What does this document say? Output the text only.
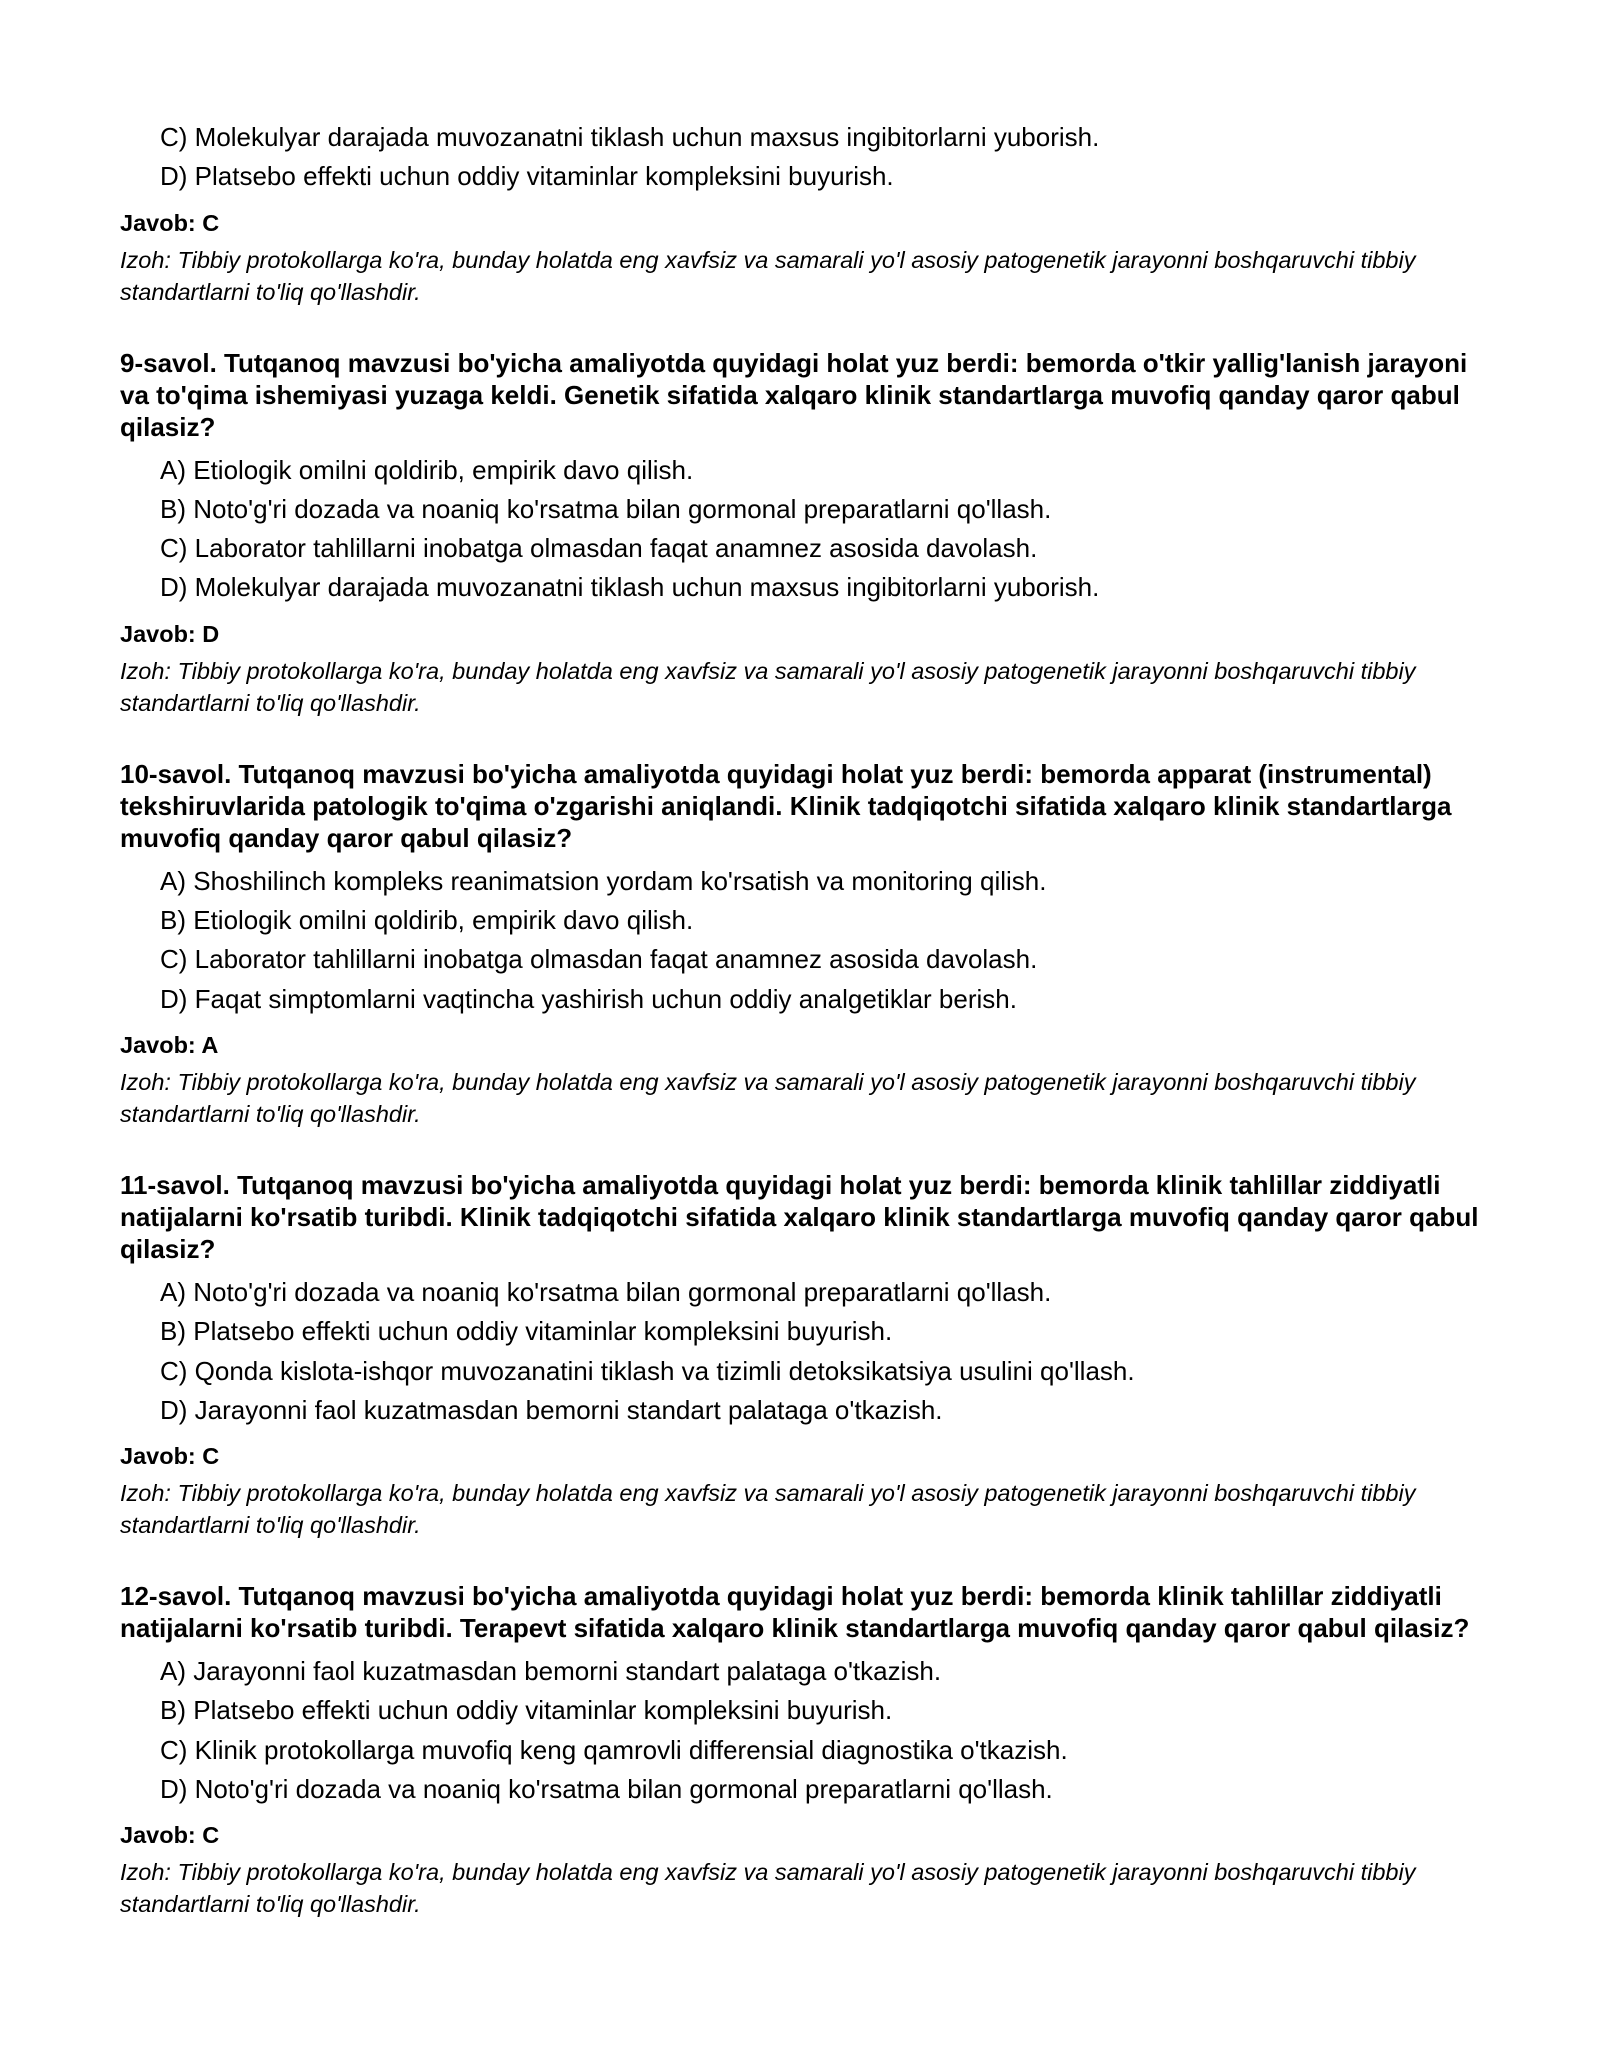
C) Molekulyar darajada muvozanatni tiklash uchun maxsus ingibitorlarni yuborish.
D) Platsebo effekti uchun oddiy vitaminlar kompleksini buyurish.
Javob: C
Izoh: Tibbiy protokollarga ko'ra, bunday holatda eng xavfsiz va samarali yo'l asosiy patogenetik jarayonni boshqaruvchi tibbiy standartlarni to'liq qo'llashdir.
9-savol. Tutqanoq mavzusi bo'yicha amaliyotda quyidagi holat yuz berdi: bemorda o'tkir yallig'lanish jarayoni va to'qima ishemiyasi yuzaga keldi. Genetik sifatida xalqaro klinik standartlarga muvofiq qanday qaror qabul qilasiz?
A) Etiologik omilni qoldirib, empirik davo qilish.
B) Noto'g'ri dozada va noaniq ko'rsatma bilan gormonal preparatlarni qo'llash.
C) Laborator tahlillarni inobatga olmasdan faqat anamnez asosida davolash.
D) Molekulyar darajada muvozanatni tiklash uchun maxsus ingibitorlarni yuborish.
Javob: D
Izoh: Tibbiy protokollarga ko'ra, bunday holatda eng xavfsiz va samarali yo'l asosiy patogenetik jarayonni boshqaruvchi tibbiy standartlarni to'liq qo'llashdir.
10-savol. Tutqanoq mavzusi bo'yicha amaliyotda quyidagi holat yuz berdi: bemorda apparat (instrumental) tekshiruvlarida patologik to'qima o'zgarishi aniqlandi. Klinik tadqiqotchi sifatida xalqaro klinik standartlarga muvofiq qanday qaror qabul qilasiz?
A) Shoshilinch kompleks reanimatsion yordam ko'rsatish va monitoring qilish.
B) Etiologik omilni qoldirib, empirik davo qilish.
C) Laborator tahlillarni inobatga olmasdan faqat anamnez asosida davolash.
D) Faqat simptomlarni vaqtincha yashirish uchun oddiy analgetiklar berish.
Javob: A
Izoh: Tibbiy protokollarga ko'ra, bunday holatda eng xavfsiz va samarali yo'l asosiy patogenetik jarayonni boshqaruvchi tibbiy standartlarni to'liq qo'llashdir.
11-savol. Tutqanoq mavzusi bo'yicha amaliyotda quyidagi holat yuz berdi: bemorda klinik tahlillar ziddiyatli natijalarni ko'rsatib turibdi. Klinik tadqiqotchi sifatida xalqaro klinik standartlarga muvofiq qanday qaror qabul qilasiz?
A) Noto'g'ri dozada va noaniq ko'rsatma bilan gormonal preparatlarni qo'llash.
B) Platsebo effekti uchun oddiy vitaminlar kompleksini buyurish.
C) Qonda kislota-ishqor muvozanatini tiklash va tizimli detoksikatsiya usulini qo'llash.
D) Jarayonni faol kuzatmasdan bemorni standart palataga o'tkazish.
Javob: C
Izoh: Tibbiy protokollarga ko'ra, bunday holatda eng xavfsiz va samarali yo'l asosiy patogenetik jarayonni boshqaruvchi tibbiy standartlarni to'liq qo'llashdir.
12-savol. Tutqanoq mavzusi bo'yicha amaliyotda quyidagi holat yuz berdi: bemorda klinik tahlillar ziddiyatli natijalarni ko'rsatib turibdi. Terapevt sifatida xalqaro klinik standartlarga muvofiq qanday qaror qabul qilasiz?
A) Jarayonni faol kuzatmasdan bemorni standart palataga o'tkazish.
B) Platsebo effekti uchun oddiy vitaminlar kompleksini buyurish.
C) Klinik protokollarga muvofiq keng qamrovli differensial diagnostika o'tkazish.
D) Noto'g'ri dozada va noaniq ko'rsatma bilan gormonal preparatlarni qo'llash.
Javob: C
Izoh: Tibbiy protokollarga ko'ra, bunday holatda eng xavfsiz va samarali yo'l asosiy patogenetik jarayonni boshqaruvchi tibbiy standartlarni to'liq qo'llashdir.
